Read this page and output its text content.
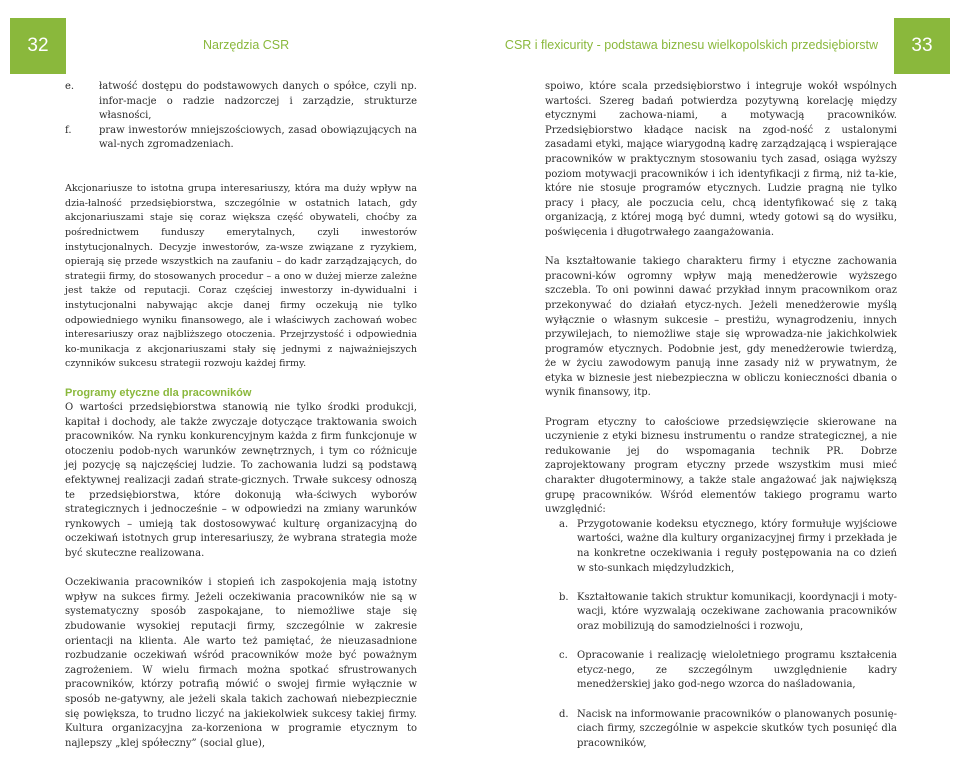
32	Narzędzia CSR	CSR i flexicurity - podstawa biznesu wielkopolskich przedsiębiorstw	33
e. łatwość dostępu do podstawowych danych o spółce, czyli np. infor-macje o radzie nadzorczej i zarządzie, strukturze własności,
f.	praw inwestorów mniejszościowych, zasad obowiązujących na wal-nych zgromadzeniach.

Akcjonariusze to istotna grupa interesariuszy, która ma duży wpływ na dzia-łalność przedsiębiorstwa, szczególnie w ostatnich latach, gdy akcjonariuszami staje się coraz większa część obywateli, choćby za pośrednictwem funduszy emerytalnych, czyli inwestorów instytucjonalnych. Decyzje inwestorów, za-wsze związane z ryzykiem, opierają się przede wszystkich na zaufaniu – do kadr zarządzających, do strategii firmy, do stosowanych procedur – a ono w dużej mierze zależne jest także od reputacji. Coraz częściej inwestorzy in-dywidualni i instytucjonalni nabywając akcje danej firmy oczekują nie tylko odpowiedniego wyniku finansowego, ale i właściwych zachowań wobec interesariuszy oraz najbliższego otoczenia. Przejrzystość i odpowiednia ko-munikacja z akcjonariuszami stały się jednymi z najważniejszych czynników sukcesu strategii rozwoju każdej firmy.

Programy etyczne dla pracowników

O wartości przedsiębiorstwa stanowią nie tylko środki produkcji, kapitał i dochody, ale także zwyczaje dotyczące traktowania swoich pracowników. Na rynku konkurencyjnym każda z firm funkcjonuje w otoczeniu podob-nych warunków zewnętrznych, i tym co różnicuje jej pozycję są najczęściej ludzie. To zachowania ludzi są podstawą efektywnej realizacji zadań strate-gicznych. Trwałe sukcesy odnoszą te przedsiębiorstwa, które dokonują wła-ściwych wyborów strategicznych i jednocześnie – w odpowiedzi na zmiany warunków rynkowych – umieją tak dostosowywać kulturę organizacyjną do oczekiwań istotnych grup interesariuszy, że wybrana strategia może być skuteczne realizowana.

Oczekiwania pracowników i stopień ich zaspokojenia mają istotny wpływ na sukces firmy. Jeżeli oczekiwania pracowników nie są w systematyczny sposób zaspokajane, to niemożliwe staje się zbudowanie wysokiej reputacji firmy, szczególnie w zakresie orientacji na klienta. Ale warto też pamiętać, że nieuzasadnione rozbudzanie oczekiwań wśród pracowników może być poważnym zagrożeniem. W wielu firmach można spotkać sfrustrowanych pracowników, którzy potrafią mówić o swojej firmie wyłącznie w sposób ne-gatywny, ale jeżeli skala takich zachowań niebezpiecznie się powiększa, to trudno liczyć na jakiekolwiek sukcesy takiej firmy. Kultura organizacyjna za-korzeniona w programie etycznym to najlepszy „klej spółeczny” (social glue),

spoiwo, które scala przedsiębiorstwo i integruje wokół wspólnych wartości. Szereg badań potwierdza pozytywną korelację między etycznymi zachowa-niami, a motywacją pracowników. Przedsiębiorstwo kładące nacisk na zgod-ność z ustalonymi zasadami etyki, mające wiarygodną kadrę zarządzającą i wspierające pracowników w praktycznym stosowaniu tych zasad, osiąga wyższy poziom motywacji pracowników i ich identyfikacji z firmą, niż ta-kie, które nie stosuje programów etycznych. Ludzie pragną nie tylko pracy i płacy, ale poczucia celu, chcą identyfikować się z taką organizacją, z której mogą być dumni, wtedy gotowi są do wysiłku, poświęcenia i długotrwałego zaangażowania.

Na kształtowanie takiego charakteru firmy i etyczne zachowania pracowni-ków ogromny wpływ mają menedżerowie wyższego szczebla. To oni powinni dawać przykład innym pracownikom oraz przekonywać do działań etycz-nych. Jeżeli menedżerowie myślą wyłącznie o własnym sukcesie – prestiżu, wynagrodzeniu, innych przywilejach, to niemożliwe staje się wprowadza-nie jakichkolwiek programów etycznych. Podobnie jest, gdy menedżerowie twierdzą, że w życiu zawodowym panują inne zasady niż w prywatnym, że etyka w biznesie jest niebezpieczna w obliczu konieczności dbania o wynik finansowy, itp.

Program etyczny to całościowe przedsięwzięcie skierowane na uczynienie z etyki biznesu instrumentu o randze strategicznej, a nie redukowanie jej do wspomagania technik PR. Dobrze zaprojektowany program etyczny przede wszystkim musi mieć charakter długoterminowy, a także stale angażować jak największą grupę pracowników. Wśród elementów takiego programu warto uwzględnić:

a. Przygotowanie kodeksu etycznego, który formułuje wyjściowe wartości, ważne dla kultury organizacyjnej firmy i przekłada je na konkretne oczekiwania i reguły postępowania na co dzień w sto-sunkach międzyludzkich,
b. Kształtowanie takich struktur komunikacji, koordynacji i moty-wacji, które wyzwalają oczekiwane zachowania pracowników oraz mobilizują do samodzielności i rozwoju,
c. Opracowanie i realizację wieloletniego programu kształcenia etycz-nego, ze szczególnym uwzględnienie kadry menedżerskiej jako god-nego wzorca do naśladowania,
d. Nacisk na informowanie pracowników o planowanych posunię-ciach firmy, szczególnie w aspekcie skutków tych posunięć dla pracowników,
